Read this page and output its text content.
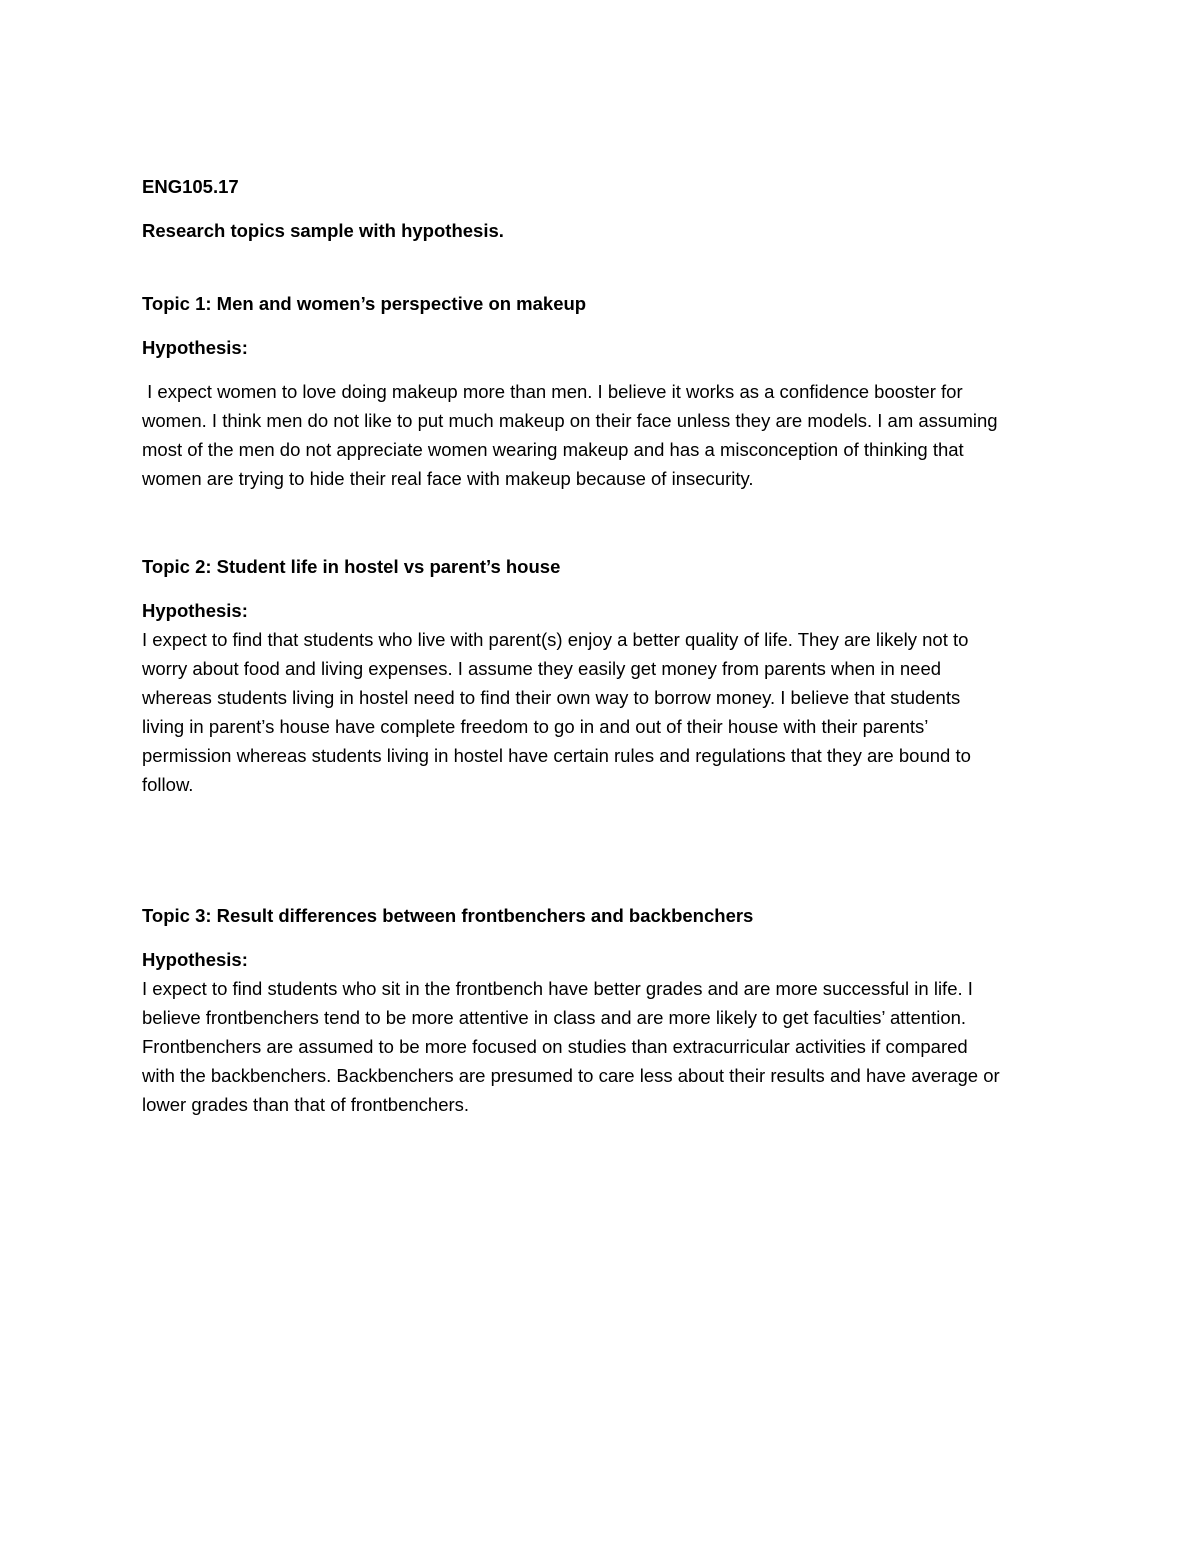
ENG105.17

Research topics sample with hypothesis.

Topic 1: Men and women’s perspective on makeup

Hypothesis:

I expect women to love doing makeup more than men. I believe it works as a confidence booster for

women. I think men do not like to put much makeup on their face unless they are models. I am assuming

most of the men do not appreciate women wearing makeup and has a misconception of thinking that

women are trying to hide their real face with makeup because of insecurity.

Topic 2: Student life in hostel vs parent’s house

Hypothesis:

I expect to find that students who live with parent(s) enjoy a better quality of life. They are likely not to

worry about food and living expenses. I assume they easily get money from parents when in need

whereas students living in hostel need to find their own way to borrow money. I believe that students

living in parent’s house have complete freedom to go in and out of their house with their parents’

permission whereas students living in hostel have certain rules and regulations that they are bound to

follow.

Topic 3: Result differences between frontbenchers and backbenchers

Hypothesis:

I expect to find students who sit in the frontbench have better grades and are more successful in life. I

believe frontbenchers tend to be more attentive in class and are more likely to get faculties’ attention.

Frontbenchers are assumed to be more focused on studies than extracurricular activities if compared

with the backbenchers. Backbenchers are presumed to care less about their results and have average or

lower grades than that of frontbenchers.
